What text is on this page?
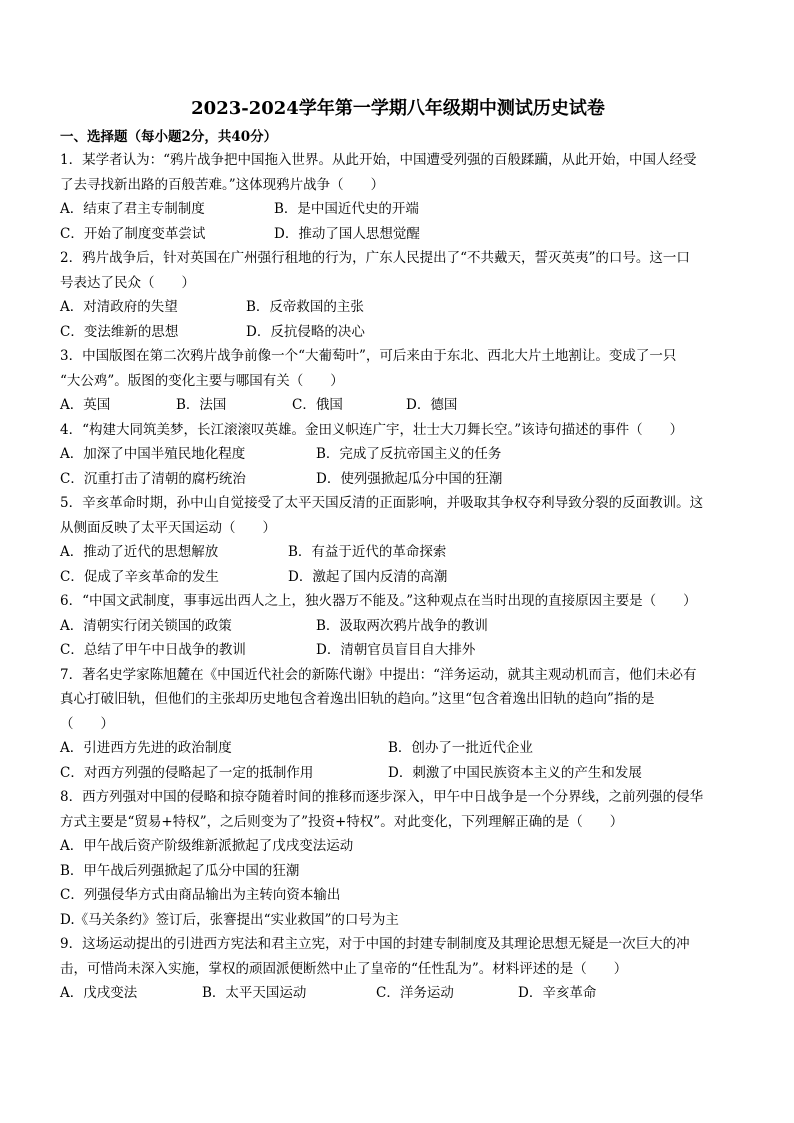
2023-2024学年第一学期八年级期中测试历史试卷
一、选择题（每小题2分，共40分）
1．某学者认为：“鸦片战争把中国拖入世界。从此开始，中国遭受列强的百般蹂躏，从此开始，中国人经受
了去寻找新出路的百般苦难。”这体现鸦片战争（　　）
A．结束了君主专制制度	B．是中国近代史的开端
C．开始了制度变革尝试	D．推动了国人思想觉醒
2．鸦片战争后，针对英国在广州强行租地的行为，广东人民提出了“不共戴天，誓灭英夷”的口号。这一口
号表达了民众（　　）
A．对清政府的失望	B．反帝救国的主张
C．变法维新的思想	D．反抗侵略的决心
3．中国版图在第二次鸦片战争前像一个“大葡萄叶”，可后来由于东北、西北大片土地割让。变成了一只
“大公鸡”。版图的变化主要与哪国有关（　　）
A．英国	B．法国	C．俄国	D．德国
4．“构建大同筑美梦，长江滚滚叹英雄。金田义帜连广宇，壮士大刀舞长空。”该诗句描述的事件（　　）
A．加深了中国半殖民地化程度	B．完成了反抗帝国主义的任务
C．沉重打击了清朝的腐朽统治	D．使列强掀起瓜分中国的狂潮
5．辛亥革命时期，孙中山自觉接受了太平天国反清的正面影响，并吸取其争权夺利导致分裂的反面教训。这
从侧面反映了太平天国运动（　　）
A．推动了近代的思想解放	B．有益于近代的革命探索
C．促成了辛亥革命的发生	D．激起了国内反清的高潮
6．“中国文武制度，事事远出西人之上，独火器万不能及。”这种观点在当时出现的直接原因主要是（　　）
A．清朝实行闭关锁国的政策	B．汲取两次鸦片战争的教训
C．总结了甲午中日战争的教训	D．清朝官员盲目自大排外
7．著名史学家陈旭麓在《中国近代社会的新陈代谢》中提出：“洋务运动，就其主观动机而言，他们未必有
真心打破旧轨，但他们的主张却历史地包含着逸出旧轨的趋向。”这里“包含着逸出旧轨的趋向”指的是
（　　）
A．引进西方先进的政治制度	B．创办了一批近代企业
C．对西方列强的侵略起了一定的抵制作用	D．刺激了中国民族资本主义的产生和发展
8．西方列强对中国的侵略和掠夺随着时间的推移而逐步深入，甲午中日战争是一个分界线，之前列强的侵华
方式主要是“贸易+特权”，之后则变为了”投资+特权”。对此变化，下列理解正确的是（　　）
A．甲午战后资产阶级维新派掀起了戊戌变法运动
B．甲午战后列强掀起了瓜分中国的狂潮
C．列强侵华方式由商品输出为主转向资本输出
D.《马关条约》签订后，张謇提出“实业救国”的口号为主
9．这场运动提出的引进西方宪法和君主立宪，对于中国的封建专制制度及其理论思想无疑是一次巨大的冲
击，可惜尚未深入实施，掌权的顽固派便断然中止了皇帝的“任性乱为”。材料评述的是（　　）
A．戊戌变法	B．太平天国运动	C．洋务运动	D．辛亥革命
